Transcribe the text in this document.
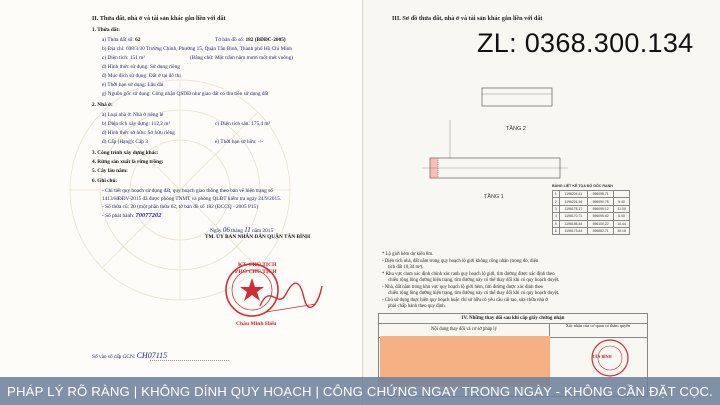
II. Thửa đất, nhà ở và tài sản khác gắn liền với đất
1. Thửa đất:
a) Thửa đất số: 62	Tờ bản đồ số: 182 (BĐĐC-2005)
b) Địa chỉ: 698/3/30 Trường Chinh, Phường 15, Quận Tân Bình, Thành phố Hồ Chí Minh
c) Diện tích: 151 m²	(Bằng chữ: Một trăm năm mươi mốt mét vuông)
d) Hình thức sử dụng: Sử dụng riêng
đ) Mục đích sử dụng: Đất ở tại đô thị
e) Thời hạn sử dụng: Lâu dài
g) Nguồn gốc sử dụng: Công nhận QSDĐ như giao đất có thu tiền sử dụng đất
2. Nhà ở:
a) Loại nhà ở: Nhà ở riêng lẻ
b) Diện tích xây dựng: 112,2 m²	c) Diện tích sàn: 175,4 m²
d) Hình thức sở hữu: Sở hữu riêng
đ) Cấp (Hạng): Cấp 3	e) Thời hạn sở hữu: -/-
3. Công trình xây dựng khác:
4. Rừng sản xuất là rừng trồng:
5. Cây lâu năm:
6. Ghi chú:
- Chi tiết quy hoạch sử dụng đất, quy hoạch giao thông theo bản vẽ hiện trạng số
1413/HĐĐV-2015 đã được phòng TNMT và phòng QLĐT kiểm tra ngày 24/9/2015.
- Số thửa cũ: 20 (một phần thửa 62, tờ bản đồ số 182 (ĐCCQ - 2005 P15)
- Số phát hành: 70077202
Ngày 06 tháng 11 năm 2015
TM. ỦY BAN NHÂN DÂN QUẬN TÂN BÌNH
KT. CHỦ TỊCH
PHÓ CHỦ TỊCH
Châu Minh Hiếu
Số vào sổ cấp GCN: CH07115
III. Sơ đồ thửa đất, nhà ở và tài sản khác gắn liền với đất
ZL: 0368.300.134
TẦNG 2
TẦNG 1
BẢNG LIỆT KÊ TỌA ĐỘ GÓC RANH
1	1196204.41	596098.71	
2	1196201.16	596090.75	5.40
3	1196178.17	596099.12	31.05
4	1196170.71	596095.62	5.00
5	1196155.34	596100.22	10.44
6	1196173.44	596082.71	30.18
* Lộ giới hẻm dự kiến 8m.
- Diện tích nhà, đất nằm trong quy hoạch lộ giới không công nhận (trong đó, diện
tích đất 10,34 m²).
* Khu vực chưa xác định chính xác ranh quy hoạch lộ giới, tìm đường được xác định theo
chiều rộng lòng đường hiện trạng, tìm đường này có thể thay đổi khi có quy hoạch duyệt.
- Nhà, đất nằm trong khu vực quy hoạch lộ giới hẻm, tìm đường được xác định theo
chiều rộng lòng đường hiện trạng, tìm đường này có thể thay đổi khi có quy hoạch duyệt.
- Chủ sử dụng thực hiện quy hoạch hoặc chỉ sở hữu có yêu cầu cải tạo, sửa chữa nhà ở
phải chấp hành theo quy định.
IV. Những thay đổi sau khi cấp giấy chứng nhận
Nội dung thay đổi và cơ sở pháp lý
Xác nhận của cơ quan có thẩm quyền
TÂN BÌNH
PHÁP LÝ RÕ RÀNG | KHÔNG DÍNH QUY HOẠCH | CÔNG CHỨNG NGAY TRONG NGÀY - KHÔNG CẦN ĐẶT CỌC.
